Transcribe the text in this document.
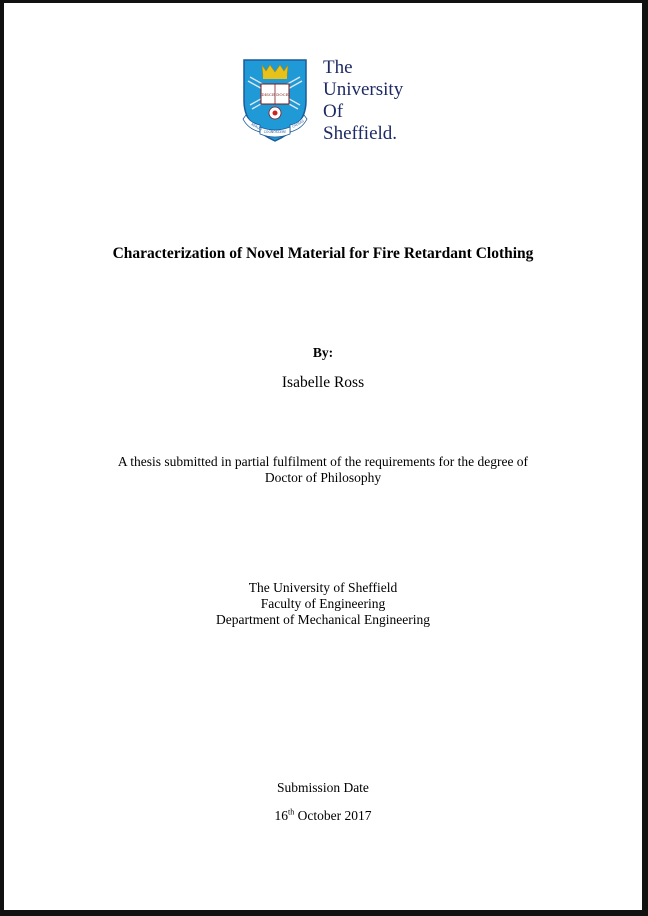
DISCE DOCE
RERUM
COGNOSCERE
CAUSAS
The
University
Of
Sheffield.
Characterization of Novel Material for Fire Retardant Clothing
By:
Isabelle Ross
A thesis submitted in partial fulfilment of the requirements for the degree of
Doctor of Philosophy
The University of Sheffield
Faculty of Engineering
Department of Mechanical Engineering
Submission Date
16th October 2017
